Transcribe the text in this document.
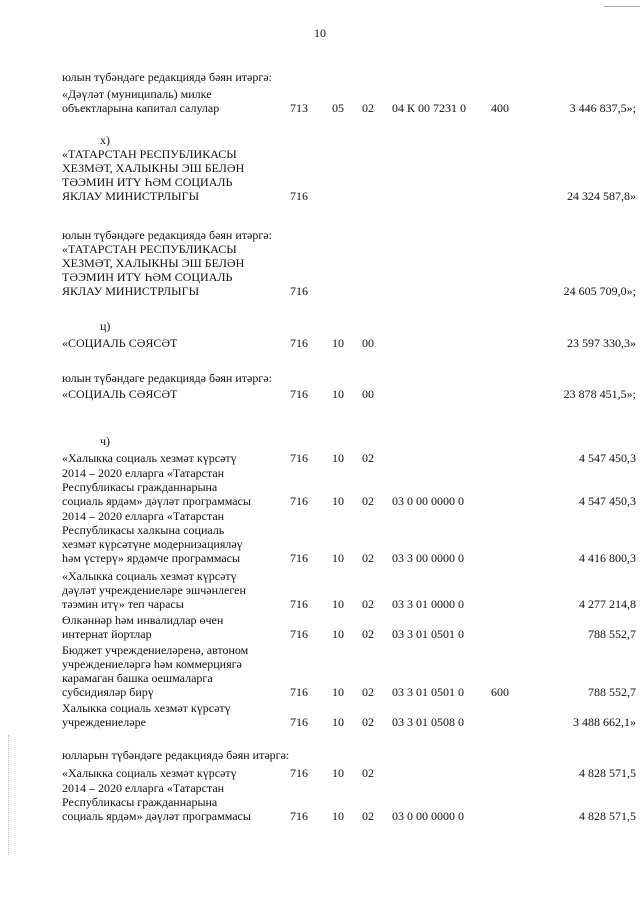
10
юлын түбәндәге редакциядә бәян итәргә:
«Дәүләт (муниципаль) милке
объектларына капитал салулар	713 05 02 04 К 00 7231 0 400	3 446 837,5»;
х)
«ТАТАРСТАН РЕСПУБЛИКАСЫ
ХЕЗМӘТ, ХАЛЫКНЫ ЭШ БЕЛӘН
ТӘЭМИН ИТҮ ҺӘМ СОЦИАЛЬ
ЯКЛАУ МИНИСТРЛЫГЫ	716	24 324 587,8»
юлын түбәндәге редакциядә бәян итәргә:
«ТАТАРСТАН РЕСПУБЛИКАСЫ
ХЕЗМӘТ, ХАЛЫКНЫ ЭШ БЕЛӘН
ТӘЭМИН ИТҮ ҺӘМ СОЦИАЛЬ
ЯКЛАУ МИНИСТРЛЫГЫ	716	24 605 709,0»;
ц)
«СОЦИАЛЬ СӘЯСӘТ	716 10 00	23 597 330,3»
юлын түбәндәге редакциядә бәян итәргә:
«СОЦИАЛЬ СӘЯСӘТ	716 10 00	23 878 451,5»;
ч)
«Халыкка социаль хезмәт күрсәтү	716 10 02	4 547 450,3
2014 – 2020 елларга «Татарстан
Республикасы гражданнарына
социаль ярдәм» дәүләт программасы	716 10 02 03 0 00 0000 0	4 547 450,3
2014 – 2020 елларга «Татарстан
Республикасы халкына социаль
хезмәт күрсәтүне модернизацияләү
һәм үстерү» ярдәмче программасы	716 10 02 03 3 00 0000 0	4 416 800,3
«Халыкка социаль хезмәт күрсәтү
дәүләт учреждениеләре эшчәнлеген
тәэмин итү» теп чарасы	716 10 02 03 3 01 0000 0	4 277 214,8
Өлкәннәр һәм инвалидлар өчен
интернат йортлар	716 10 02 03 3 01 0501 0	788 552,7
Бюджет учреждениеләренә, автоном
учреждениеләргә һәм коммерциягә
карамаган башка оешмаларга
субсидияләр бирү	716 10 02 03 3 01 0501 0 600	788 552,7
Халыкка социаль хезмәт күрсәтү
учреждениеләре	716 10 02 03 3 01 0508 0	3 488 662,1»
юлларын түбәндәге редакциядә бәян итәргә:
«Халыкка социаль хезмәт күрсәтү	716 10 02	4 828 571,5
2014 – 2020 елларга «Татарстан
Республикасы гражданнарына
социаль ярдәм» дәүләт программасы	716 10 02 03 0 00 0000 0	4 828 571,5
